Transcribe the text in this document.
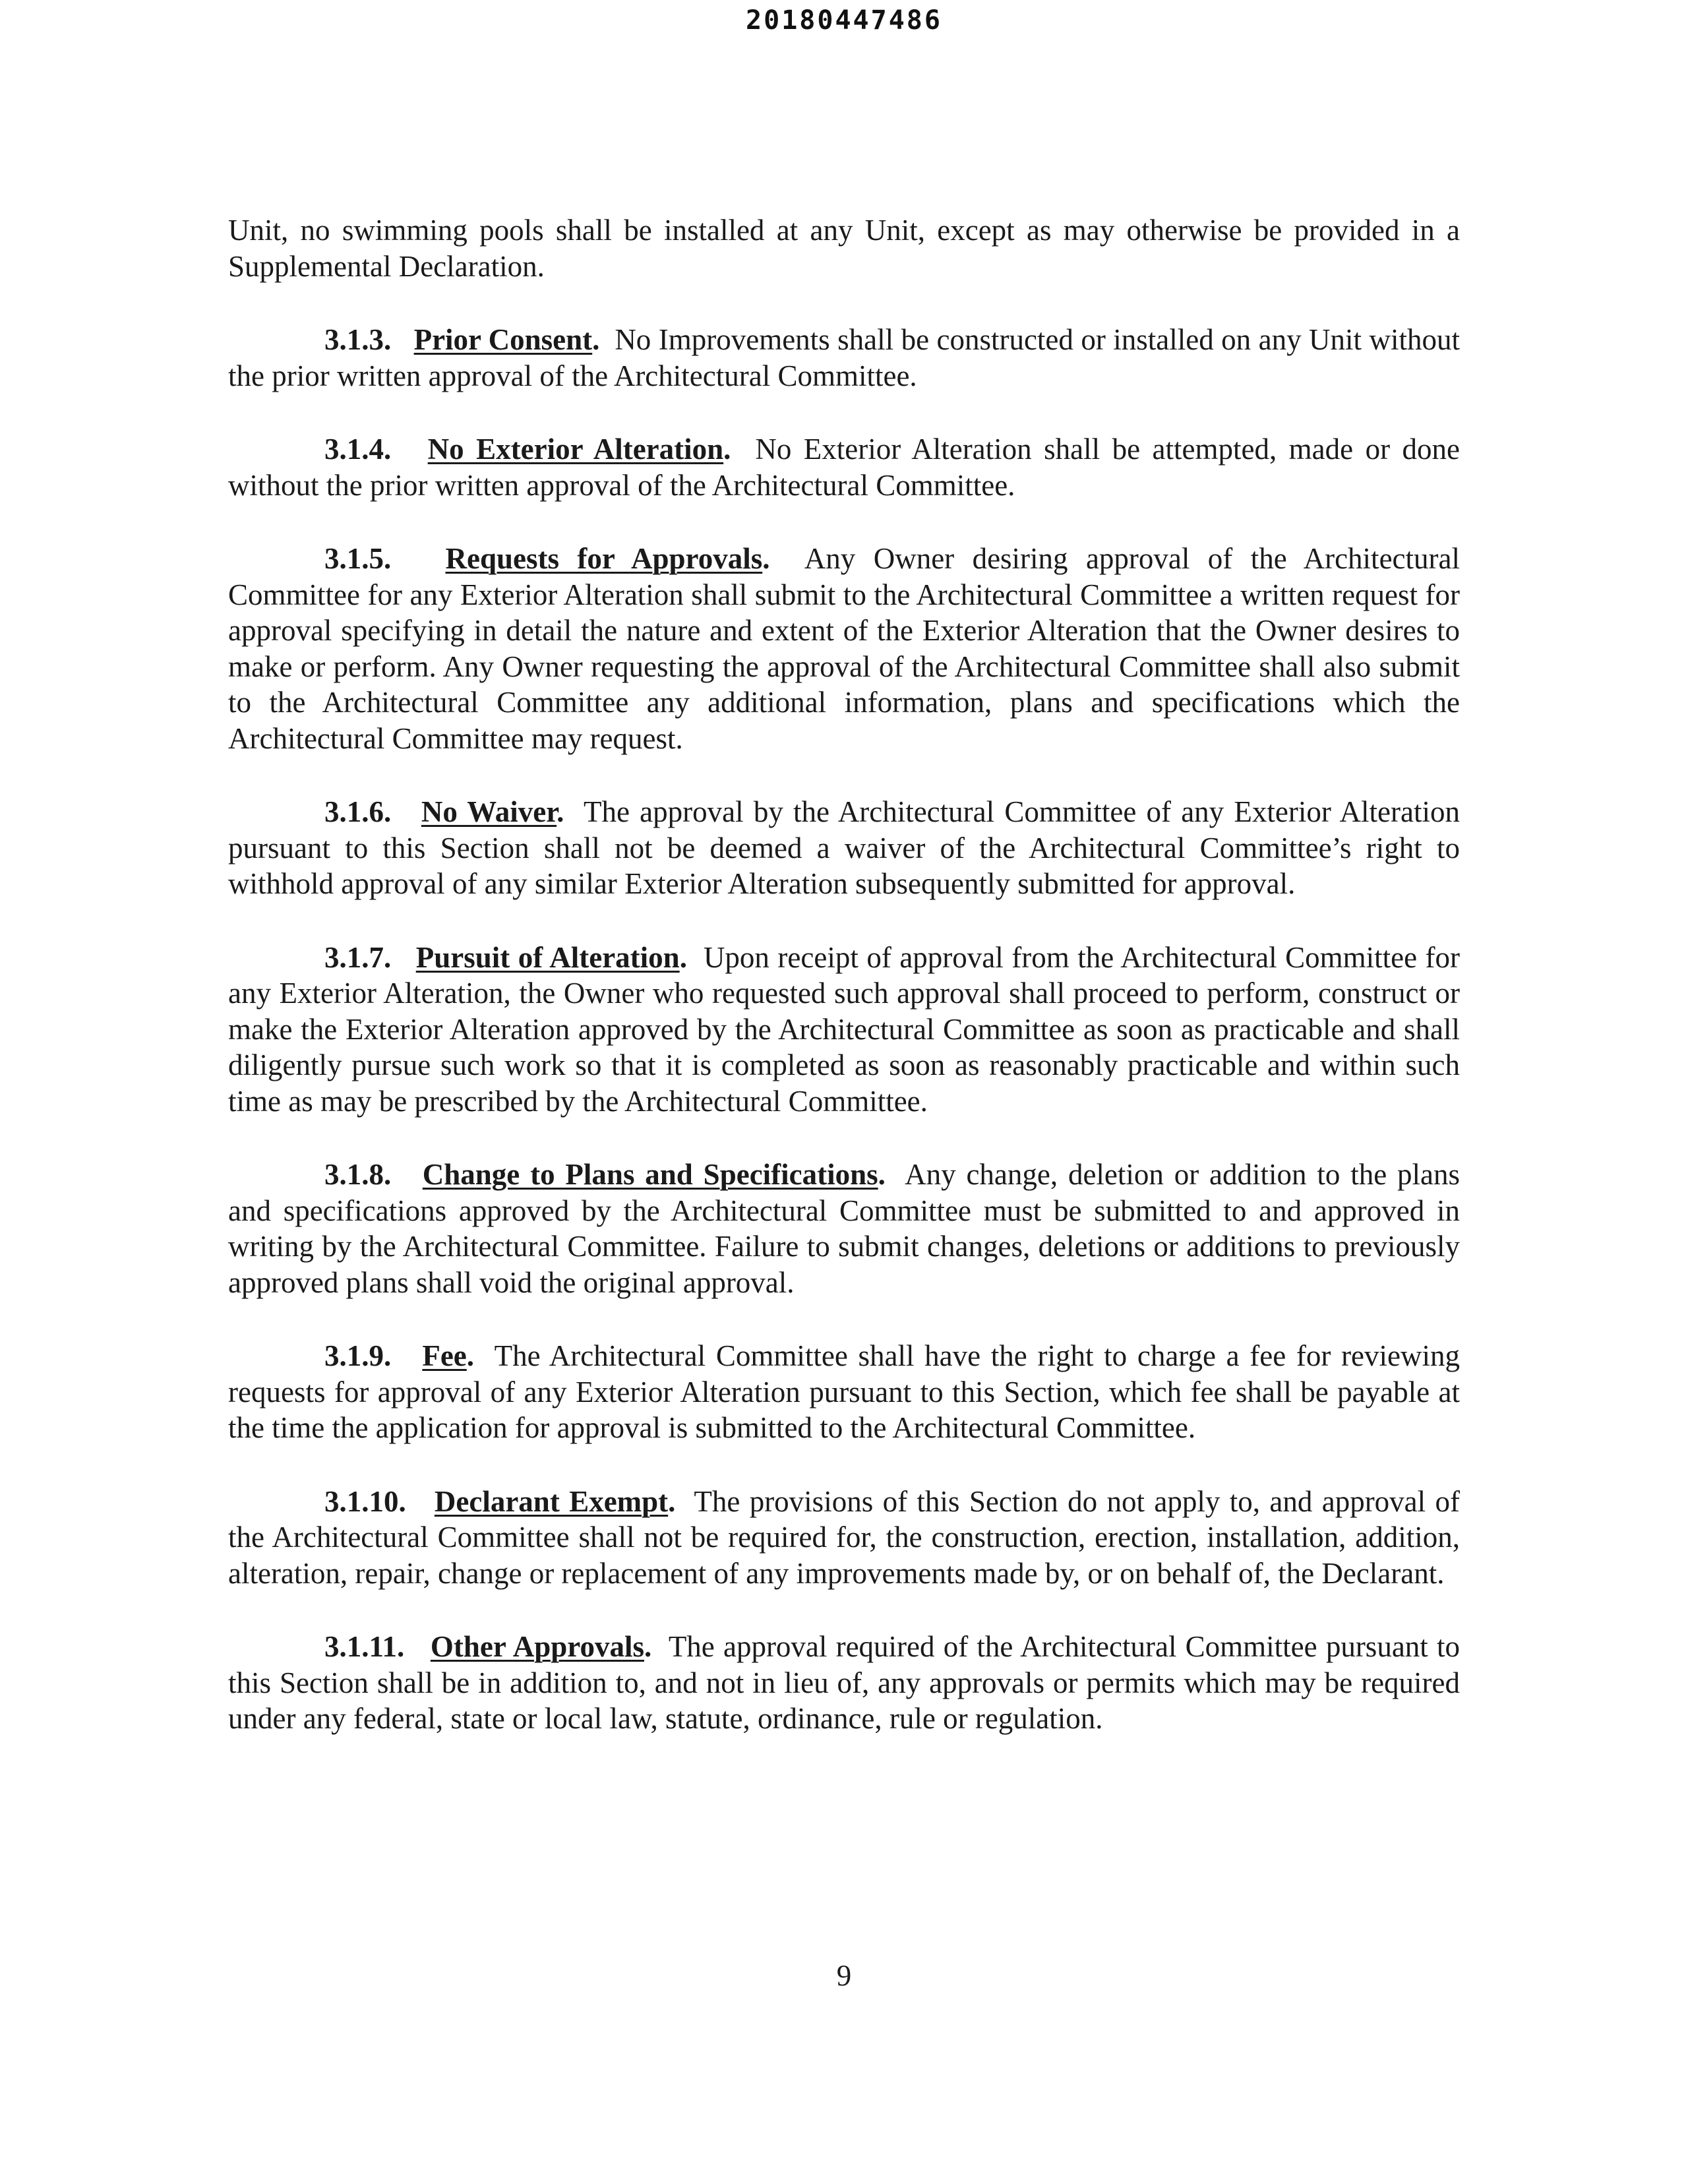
20180447486

Unit, no swimming pools shall be installed at any Unit, except as may otherwise be provided in a Supplemental Declaration.

3.1.3. Prior Consent. No Improvements shall be constructed or installed on any Unit without the prior written approval of the Architectural Committee.

3.1.4. No Exterior Alteration. No Exterior Alteration shall be attempted, made or done without the prior written approval of the Architectural Committee.

3.1.5. Requests for Approvals. Any Owner desiring approval of the Architectural Committee for any Exterior Alteration shall submit to the Architectural Committee a written request for approval specifying in detail the nature and extent of the Exterior Alteration that the Owner desires to make or perform. Any Owner requesting the approval of the Architectural Committee shall also submit to the Architectural Committee any additional information, plans and specifications which the Architectural Committee may request.

3.1.6. No Waiver. The approval by the Architectural Committee of any Exterior Alteration pursuant to this Section shall not be deemed a waiver of the Architectural Committee’s right to withhold approval of any similar Exterior Alteration subsequently submitted for approval.

3.1.7. Pursuit of Alteration. Upon receipt of approval from the Architectural Committee for any Exterior Alteration, the Owner who requested such approval shall proceed to perform, construct or make the Exterior Alteration approved by the Architectural Committee as soon as practicable and shall diligently pursue such work so that it is completed as soon as reasonably practicable and within such time as may be prescribed by the Architectural Committee.

3.1.8. Change to Plans and Specifications. Any change, deletion or addition to the plans and specifications approved by the Architectural Committee must be submitted to and approved in writing by the Architectural Committee. Failure to submit changes, deletions or additions to previously approved plans shall void the original approval.

3.1.9. Fee. The Architectural Committee shall have the right to charge a fee for reviewing requests for approval of any Exterior Alteration pursuant to this Section, which fee shall be payable at the time the application for approval is submitted to the Architectural Committee.

3.1.10. Declarant Exempt. The provisions of this Section do not apply to, and approval of the Architectural Committee shall not be required for, the construction, erection, installation, addition, alteration, repair, change or replacement of any improvements made by, or on behalf of, the Declarant.

3.1.11. Other Approvals. The approval required of the Architectural Committee pursuant to this Section shall be in addition to, and not in lieu of, any approvals or permits which may be required under any federal, state or local law, statute, ordinance, rule or regulation.

9
